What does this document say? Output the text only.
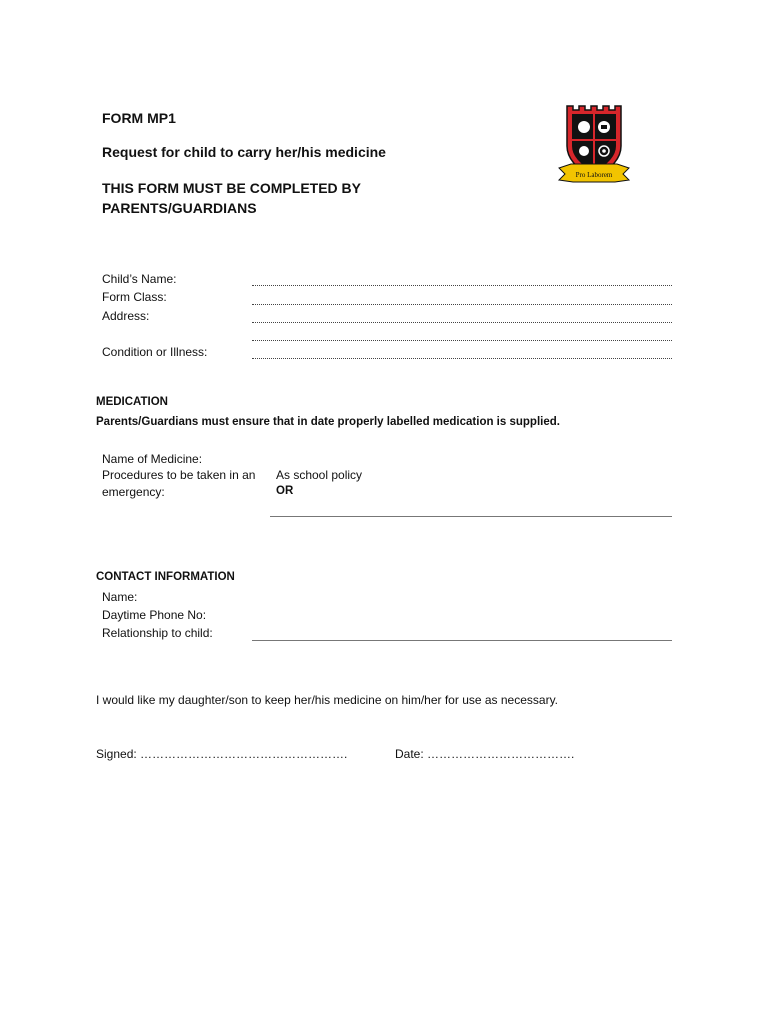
FORM MP1
Request for child to carry her/his medicine
THIS FORM MUST BE COMPLETED BY
PARENTS/GUARDIANS
Pro Laborem
Child’s Name:
Form Class:
Address:
Condition or Illness:
MEDICATION
Parents/Guardians must ensure that in date properly labelled medication is supplied.
Name of Medicine:
Procedures to be taken in an
emergency:
As school policy
OR
CONTACT INFORMATION
Name:
Daytime Phone No:
Relationship to child:
I would like my daughter/son to keep her/his medicine on him/her for use as necessary.
Signed: …………………………………………….	Date: ……………………………….
